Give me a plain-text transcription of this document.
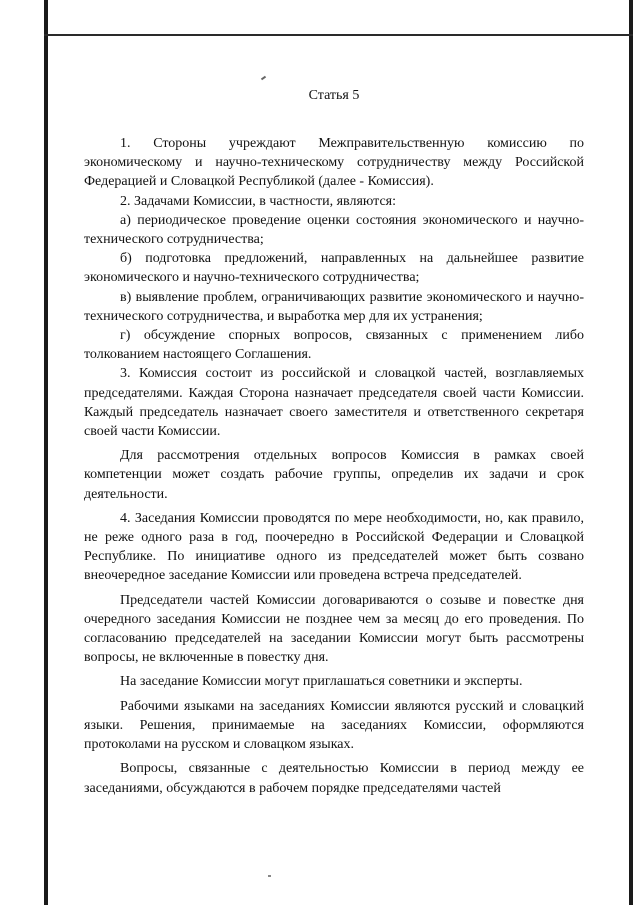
Статья 5

1. Стороны учреждают Межправительственную комиссию по экономическому и научно-техническому сотрудничеству между Российской Федерацией и Словацкой Республикой (далее - Комиссия).

2. Задачами Комиссии, в частности, являются:

а) периодическое проведение оценки состояния экономического и научно-технического сотрудничества;

б) подготовка предложений, направленных на дальнейшее развитие экономического и научно-технического сотрудничества;

в) выявление проблем, ограничивающих развитие экономического и научно-технического сотрудничества, и выработка мер для их устранения;

г) обсуждение спорных вопросов, связанных с применением либо толкованием настоящего Соглашения.

3. Комиссия состоит из российской и словацкой частей, возглавляемых председателями. Каждая Сторона назначает председателя своей части Комиссии. Каждый председатель назначает своего заместителя и ответственного секретаря своей части Комиссии.

Для рассмотрения отдельных вопросов Комиссия в рамках своей компетенции может создать рабочие группы, определив их задачи и срок деятельности.

4. Заседания Комиссии проводятся по мере необходимости, но, как правило, не реже одного раза в год, поочередно в Российской Федерации и Словацкой Республике. По инициативе одного из председателей может быть созвано внеочередное заседание Комиссии или проведена встреча председателей.

Председатели частей Комиссии договариваются о созыве и повестке дня очередного заседания Комиссии не позднее чем за месяц до его проведения. По согласованию председателей на заседании Комиссии могут быть рассмотрены вопросы, не включенные в повестку дня.

На заседание Комиссии могут приглашаться советники и эксперты.

Рабочими языками на заседаниях Комиссии являются русский и словацкий языки. Решения, принимаемые на заседаниях Комиссии, оформляются протоколами на русском и словацком языках.

Вопросы, связанные с деятельностью Комиссии в период между ее заседаниями, обсуждаются в рабочем порядке председателями частей
